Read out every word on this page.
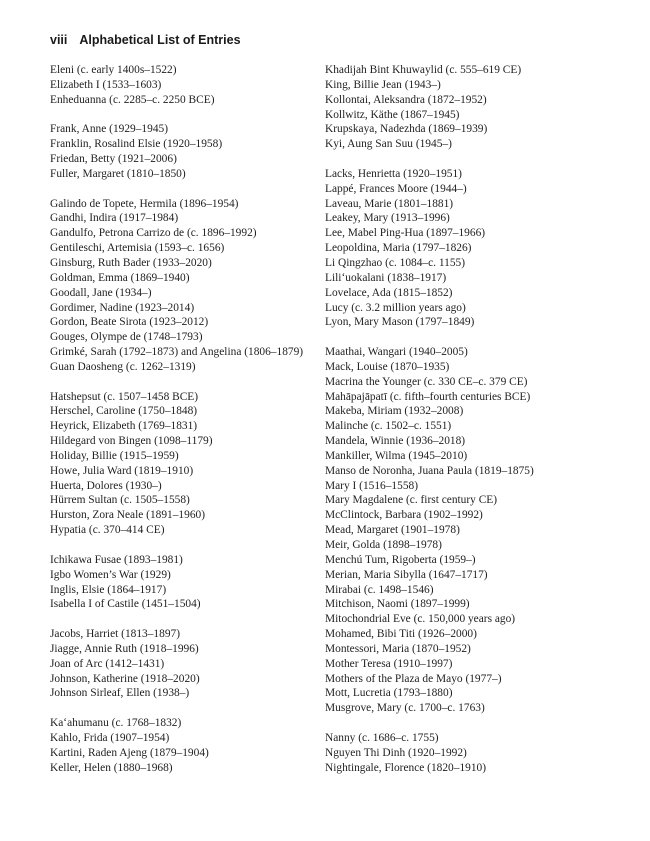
viii Alphabetical List of Entries
Eleni (c. early 1400s–1522)
Elizabeth I (1533–1603)
Enheduanna (c. 2285–c. 2250 BCE)
Frank, Anne (1929–1945)
Franklin, Rosalind Elsie (1920–1958)
Friedan, Betty (1921–2006)
Fuller, Margaret (1810–1850)
Galindo de Topete, Hermila (1896–1954)
Gandhi, Indira (1917–1984)
Gandulfo, Petrona Carrizo de (c. 1896–1992)
Gentileschi, Artemisia (1593–c. 1656)
Ginsburg, Ruth Bader (1933–2020)
Goldman, Emma (1869–1940)
Goodall, Jane (1934–)
Gordimer, Nadine (1923–2014)
Gordon, Beate Sirota (1923–2012)
Gouges, Olympe de (1748–1793)
Grimké, Sarah (1792–1873) and Angelina (1806–1879)
Guan Daosheng (c. 1262–1319)
Hatshepsut (c. 1507–1458 BCE)
Herschel, Caroline (1750–1848)
Heyrick, Elizabeth (1769–1831)
Hildegard von Bingen (1098–1179)
Holiday, Billie (1915–1959)
Howe, Julia Ward (1819–1910)
Huerta, Dolores (1930–)
Hürrem Sultan (c. 1505–1558)
Hurston, Zora Neale (1891–1960)
Hypatia (c. 370–414 CE)
Ichikawa Fusae (1893–1981)
Igbo Women’s War (1929)
Inglis, Elsie (1864–1917)
Isabella I of Castile (1451–1504)
Jacobs, Harriet (1813–1897)
Jiagge, Annie Ruth (1918–1996)
Joan of Arc (1412–1431)
Johnson, Katherine (1918–2020)
Johnson Sirleaf, Ellen (1938–)
Ka‘ahumanu (c. 1768–1832)
Kahlo, Frida (1907–1954)
Kartini, Raden Ajeng (1879–1904)
Keller, Helen (1880–1968)
Khadijah Bint Khuwaylid (c. 555–619 CE)
King, Billie Jean (1943–)
Kollontai, Aleksandra (1872–1952)
Kollwitz, Käthe (1867–1945)
Krupskaya, Nadezhda (1869–1939)
Kyi, Aung San Suu (1945–)
Lacks, Henrietta (1920–1951)
Lappé, Frances Moore (1944–)
Laveau, Marie (1801–1881)
Leakey, Mary (1913–1996)
Lee, Mabel Ping-Hua (1897–1966)
Leopoldina, Maria (1797–1826)
Li Qingzhao (c. 1084–c. 1155)
Lili‘uokalani (1838–1917)
Lovelace, Ada (1815–1852)
Lucy (c. 3.2 million years ago)
Lyon, Mary Mason (1797–1849)
Maathai, Wangari (1940–2005)
Mack, Louise (1870–1935)
Macrina the Younger (c. 330 CE–c. 379 CE)
Mahāpajāpatī (c. fifth–fourth centuries BCE)
Makeba, Miriam (1932–2008)
Malinche (c. 1502–c. 1551)
Mandela, Winnie (1936–2018)
Mankiller, Wilma (1945–2010)
Manso de Noronha, Juana Paula (1819–1875)
Mary I (1516–1558)
Mary Magdalene (c. first century CE)
McClintock, Barbara (1902–1992)
Mead, Margaret (1901–1978)
Meir, Golda (1898–1978)
Menchú Tum, Rigoberta (1959–)
Merian, Maria Sibylla (1647–1717)
Mirabai (c. 1498–1546)
Mitchison, Naomi (1897–1999)
Mitochondrial Eve (c. 150,000 years ago)
Mohamed, Bibi Titi (1926–2000)
Montessori, Maria (1870–1952)
Mother Teresa (1910–1997)
Mothers of the Plaza de Mayo (1977–)
Mott, Lucretia (1793–1880)
Musgrove, Mary (c. 1700–c. 1763)
Nanny (c. 1686–c. 1755)
Nguyen Thi Dinh (1920–1992)
Nightingale, Florence (1820–1910)
